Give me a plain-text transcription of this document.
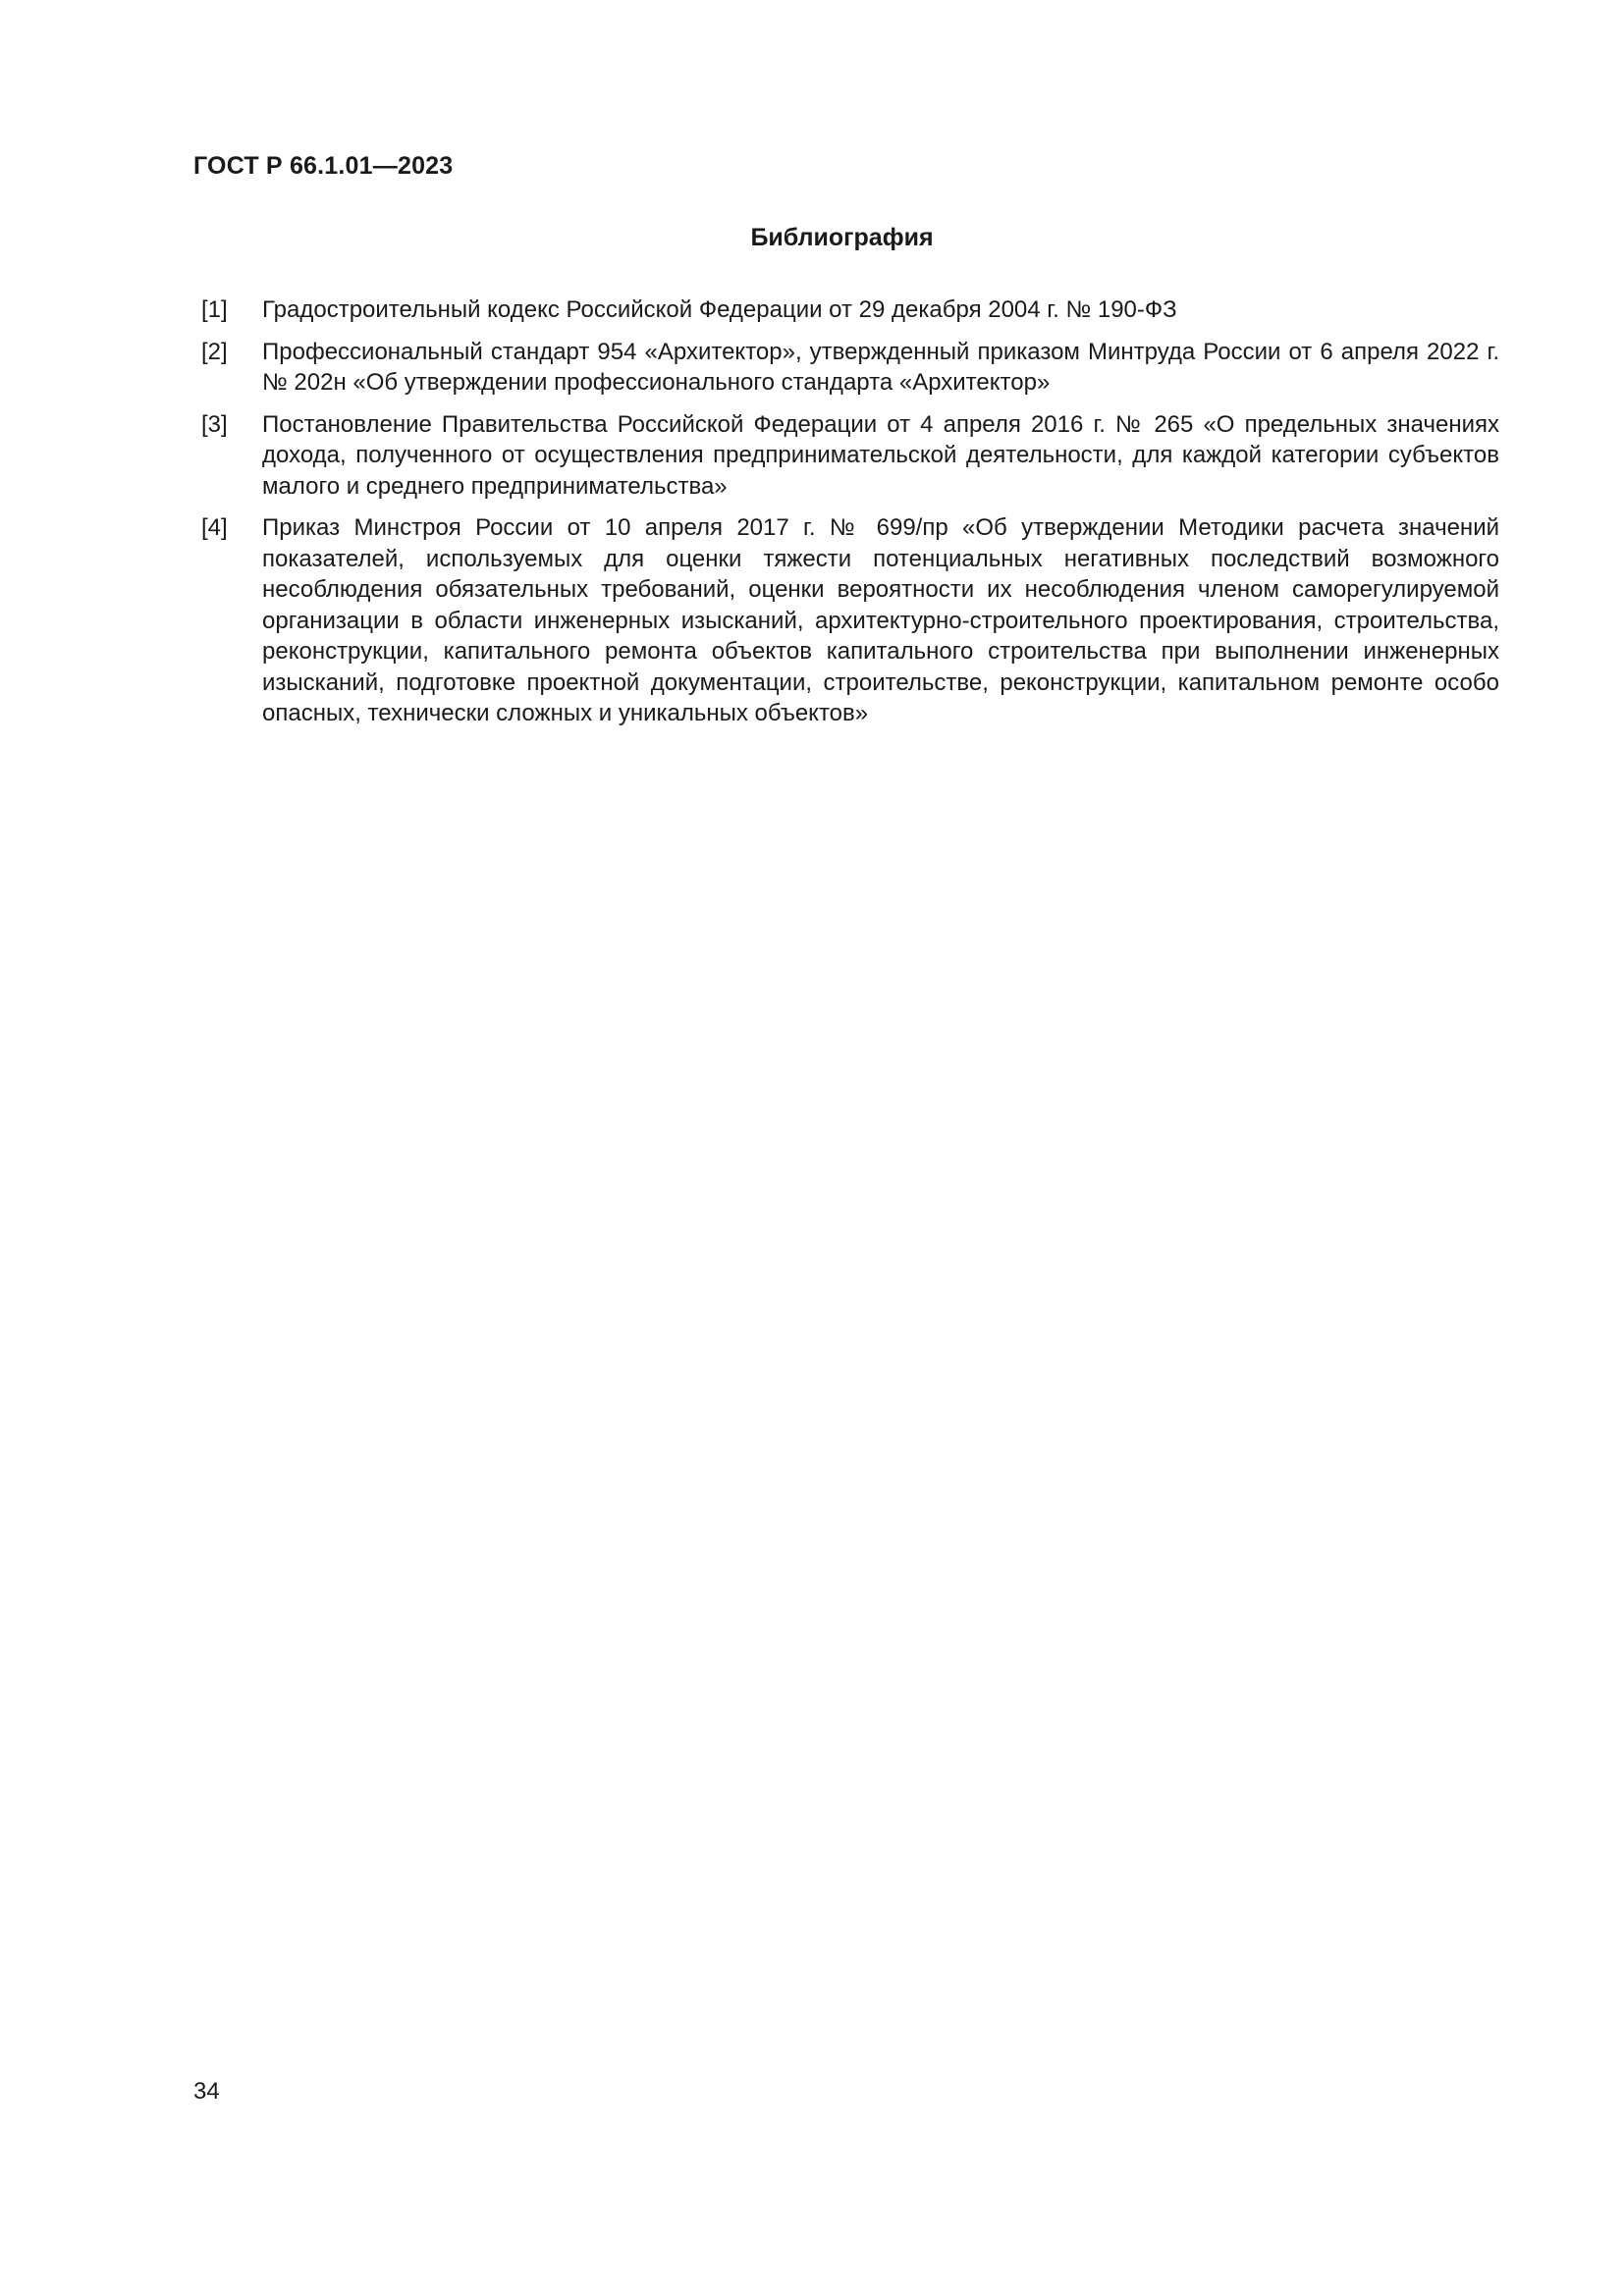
ГОСТ Р 66.1.01—2023
Библиография
[1] Градостроительный кодекс Российской Федерации от 29 декабря 2004 г. № 190-ФЗ
[2] Профессиональный стандарт 954 «Архитектор», утвержденный приказом Минтруда России от 6 апреля 2022 г. № 202н «Об утверждении профессионального стандарта «Архитектор»
[3] Постановление Правительства Российской Федерации от 4 апреля 2016 г. № 265 «О предельных значениях дохода, полученного от осуществления предпринимательской деятельности, для каждой категории субъектов малого и среднего предпринимательства»
[4] Приказ Минстроя России от 10 апреля 2017 г. № 699/пр «Об утверждении Методики расчета значений показателей, используемых для оценки тяжести потенциальных негативных последствий возможного несоблюдения обязательных требований, оценки вероятности их несоблюдения членом саморегулируемой организации в области инженерных изысканий, архитектурно-строительного проектирования, строительства, реконструкции, капитального ремонта объектов капитального строительства при выполнении инженерных изысканий, подготовке проектной документации, строительстве, реконструкции, капитальном ремонте особо опасных, технически сложных и уникальных объектов»
34
